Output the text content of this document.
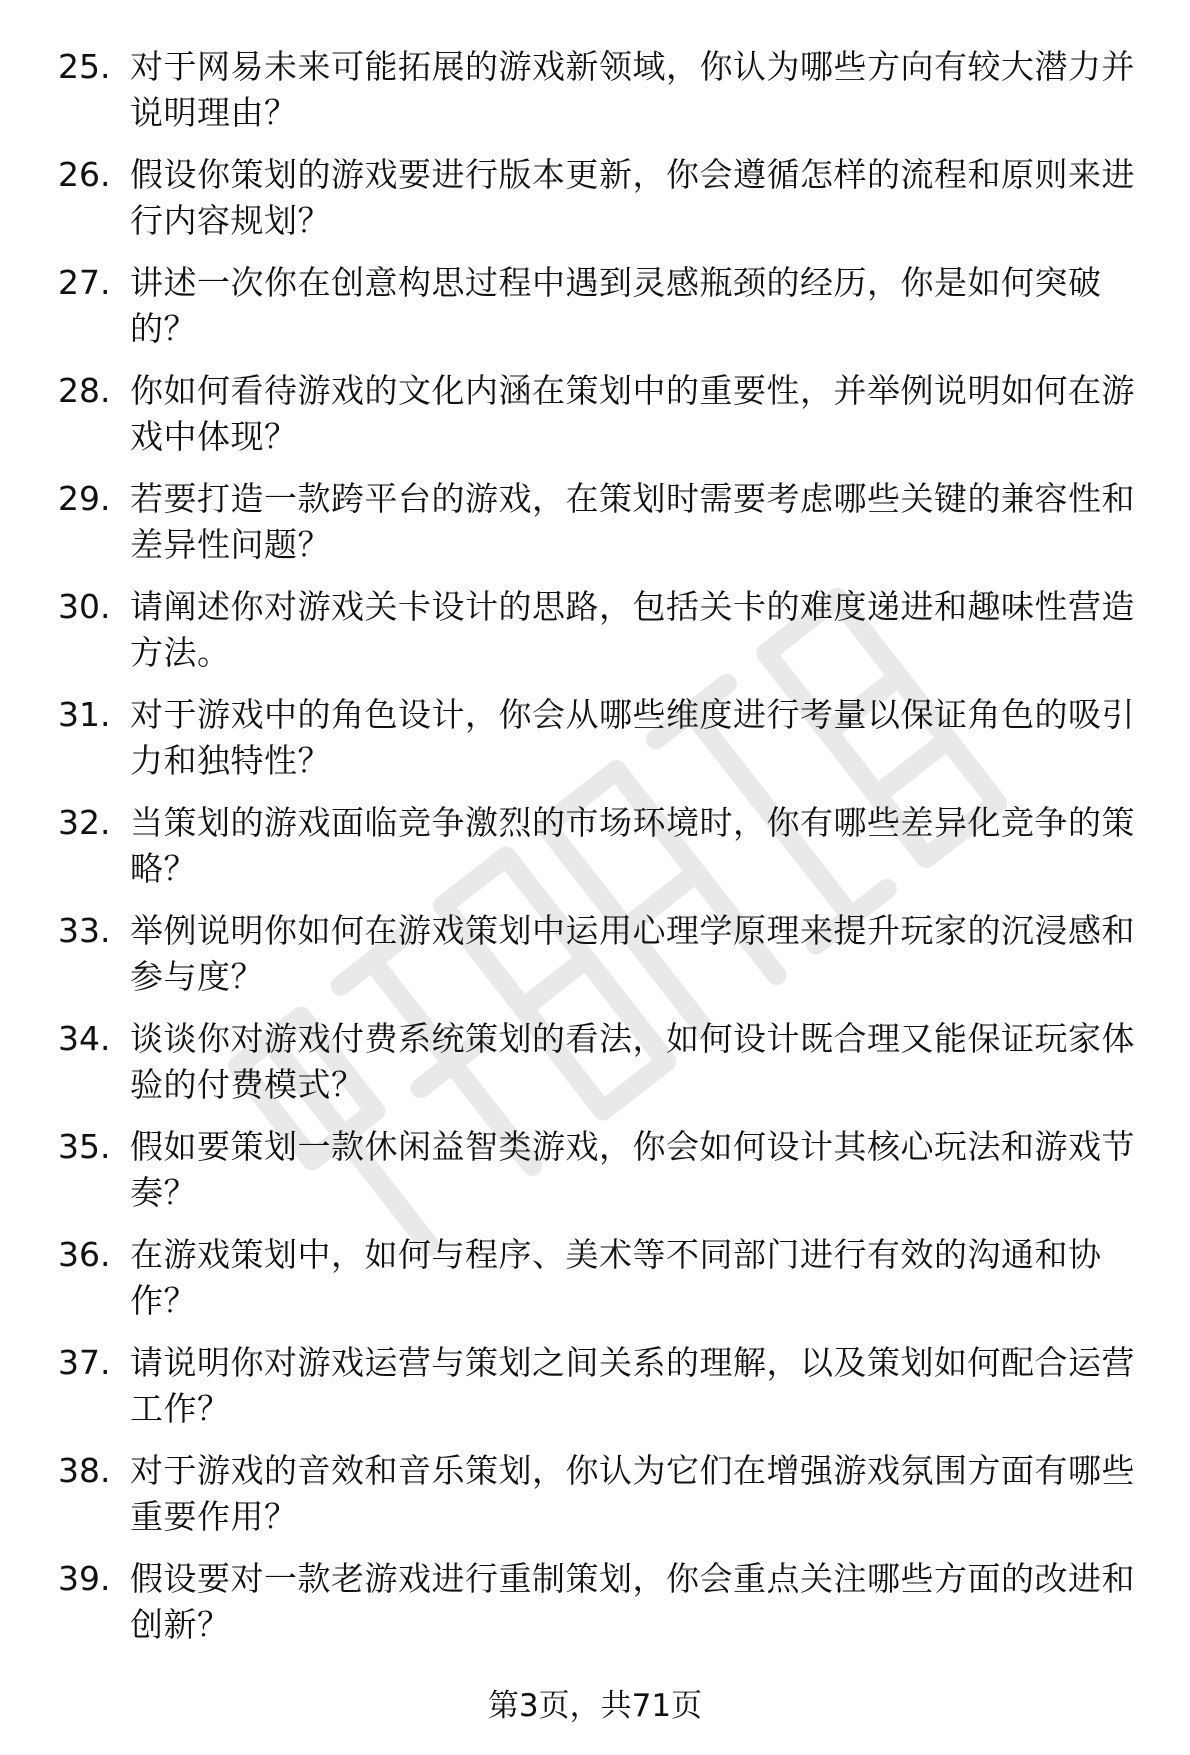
25. 对于网易未来可能拓展的游戏新领域，你认为哪些方向有较大潜力并说明理由？
26. 假设你策划的游戏要进行版本更新，你会遵循怎样的流程和原则来进行内容规划？
27. 讲述一次你在创意构思过程中遇到灵感瓶颈的经历，你是如何突破的？
28. 你如何看待游戏的文化内涵在策划中的重要性，并举例说明如何在游戏中体现？
29. 若要打造一款跨平台的游戏，在策划时需要考虑哪些关键的兼容性和差异性问题？
30. 请阐述你对游戏关卡设计的思路，包括关卡的难度递进和趣味性营造方法。
31. 对于游戏中的角色设计，你会从哪些维度进行考量以保证角色的吸引力和独特性？
32. 当策划的游戏面临竞争激烈的市场环境时，你有哪些差异化竞争的策略？
33. 举例说明你如何在游戏策划中运用心理学原理来提升玩家的沉浸感和参与度？
34. 谈谈你对游戏付费系统策划的看法，如何设计既合理又能保证玩家体验的付费模式？
35. 假如要策划一款休闲益智类游戏，你会如何设计其核心玩法和游戏节奏？
36. 在游戏策划中，如何与程序、美术等不同部门进行有效的沟通和协作？
37. 请说明你对游戏运营与策划之间关系的理解，以及策划如何配合运营工作？
38. 对于游戏的音效和音乐策划，你认为它们在增强游戏氛围方面有哪些重要作用？
39. 假设要对一款老游戏进行重制策划，你会重点关注哪些方面的改进和创新？
第3页，共71页
